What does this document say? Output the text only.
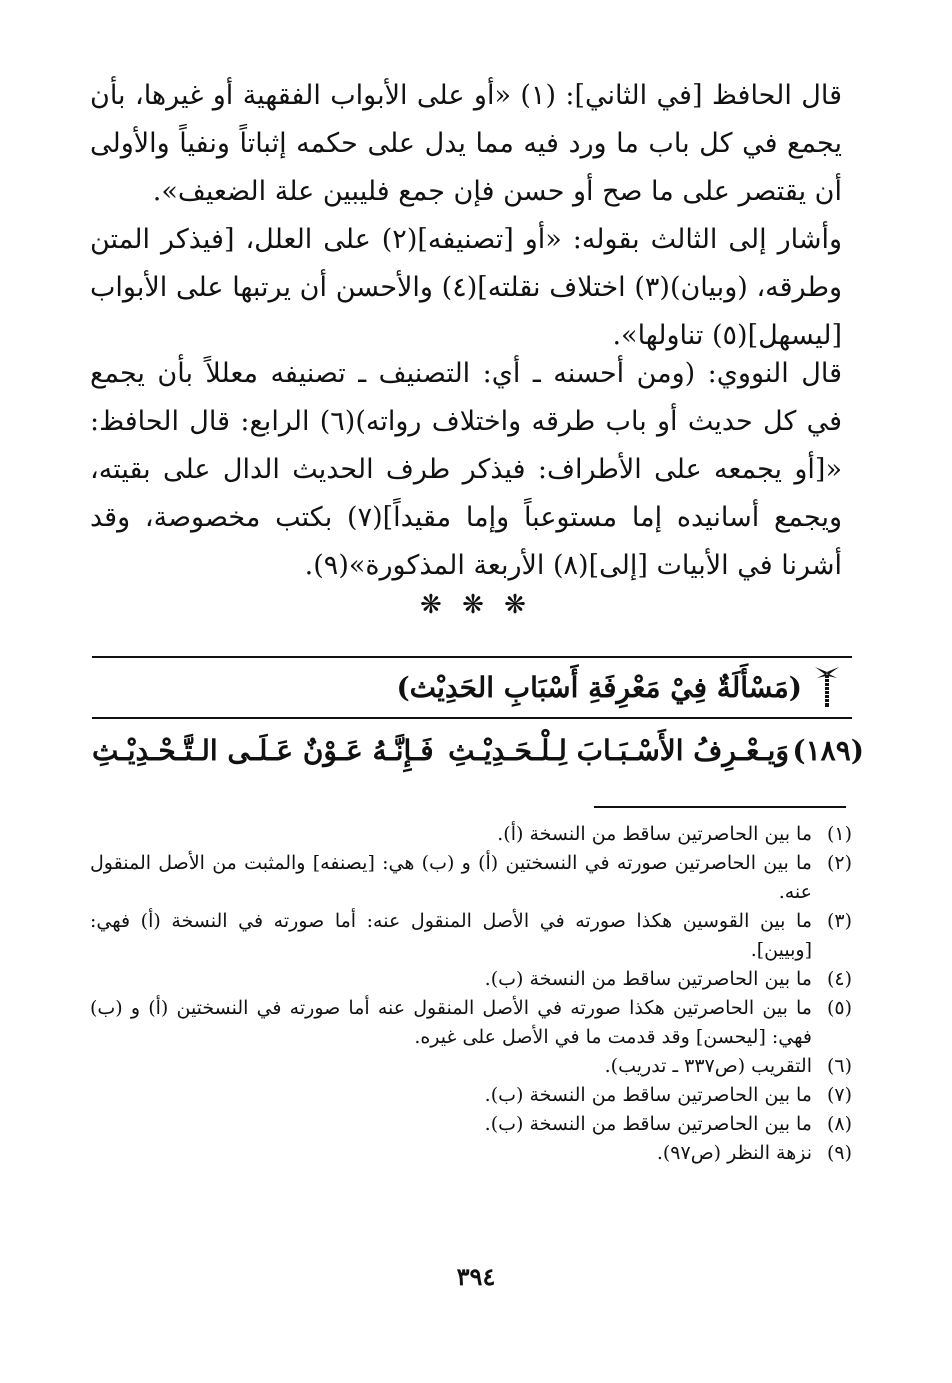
قال الحافظ [في الثاني]: (١) «أو على الأبواب الفقهية أو غيرها، بأن يجمع في كل باب ما ورد فيه مما يدل على حكمه إثباتاً ونفياً والأولى أن يقتصر على ما صح أو حسن فإن جمع فليبين علة الضعيف».

وأشار إلى الثالث بقوله: «أو [تصنيفه](٢) على العلل، [فيذكر المتن وطرقه، (وبيان)(٣) اختلاف نقلته](٤) والأحسن أن يرتبها على الأبواب [ليسهل](٥) تناولها».

قال النووي: (ومن أحسنه ـ أي: التصنيف ـ تصنيفه معللاً بأن يجمع في كل حديث أو باب طرقه واختلاف رواته)(٦) الرابع: قال الحافظ: «[أو يجمعه على الأطراف: فيذكر طرف الحديث الدال على بقيته، ويجمع أسانيده إما مستوعباً وإما مقيداً](٧) بكتب مخصوصة، وقد أشرنا في الأبيات [إلى](٨) الأربعة المذكورة»(٩).

❋ ❋ ❋
(مَسْأَلَةٌ فِيْ مَعْرِفَةِ أَسْبَابِ الحَدِيْث)
(١٨٩)
وَيـعْـرِفُ الأَسْـبَـابَ لِـلْـحَـدِيْـثِ
فَـإِنَّـهُ عَـوْنٌ عَـلَـى الـتَّـحْـدِيْـثِ
(١)
ما بين الحاصرتين ساقط من النسخة (أ).
(٢)
ما بين الحاصرتين صورته في النسختين (أ) و (ب) هي: [يصنفه] والمثبت من الأصل المنقول عنه.
(٣)
ما بين القوسين هكذا صورته في الأصل المنقول عنه: أما صورته في النسخة (أ) فهي: [وبيين].
(٤)
ما بين الحاصرتين ساقط من النسخة (ب).
(٥)
ما بين الحاصرتين هكذا صورته في الأصل المنقول عنه أما صورته في النسختين (أ) و (ب) فهي: [ليحسن] وقد قدمت ما في الأصل على غيره.
(٦)
التقريب (ص٣٣٧ ـ تدريب).
(٧)
ما بين الحاصرتين ساقط من النسخة (ب).
(٨)
ما بين الحاصرتين ساقط من النسخة (ب).
(٩)
نزهة النظر (ص٩٧).
٣٩٤
